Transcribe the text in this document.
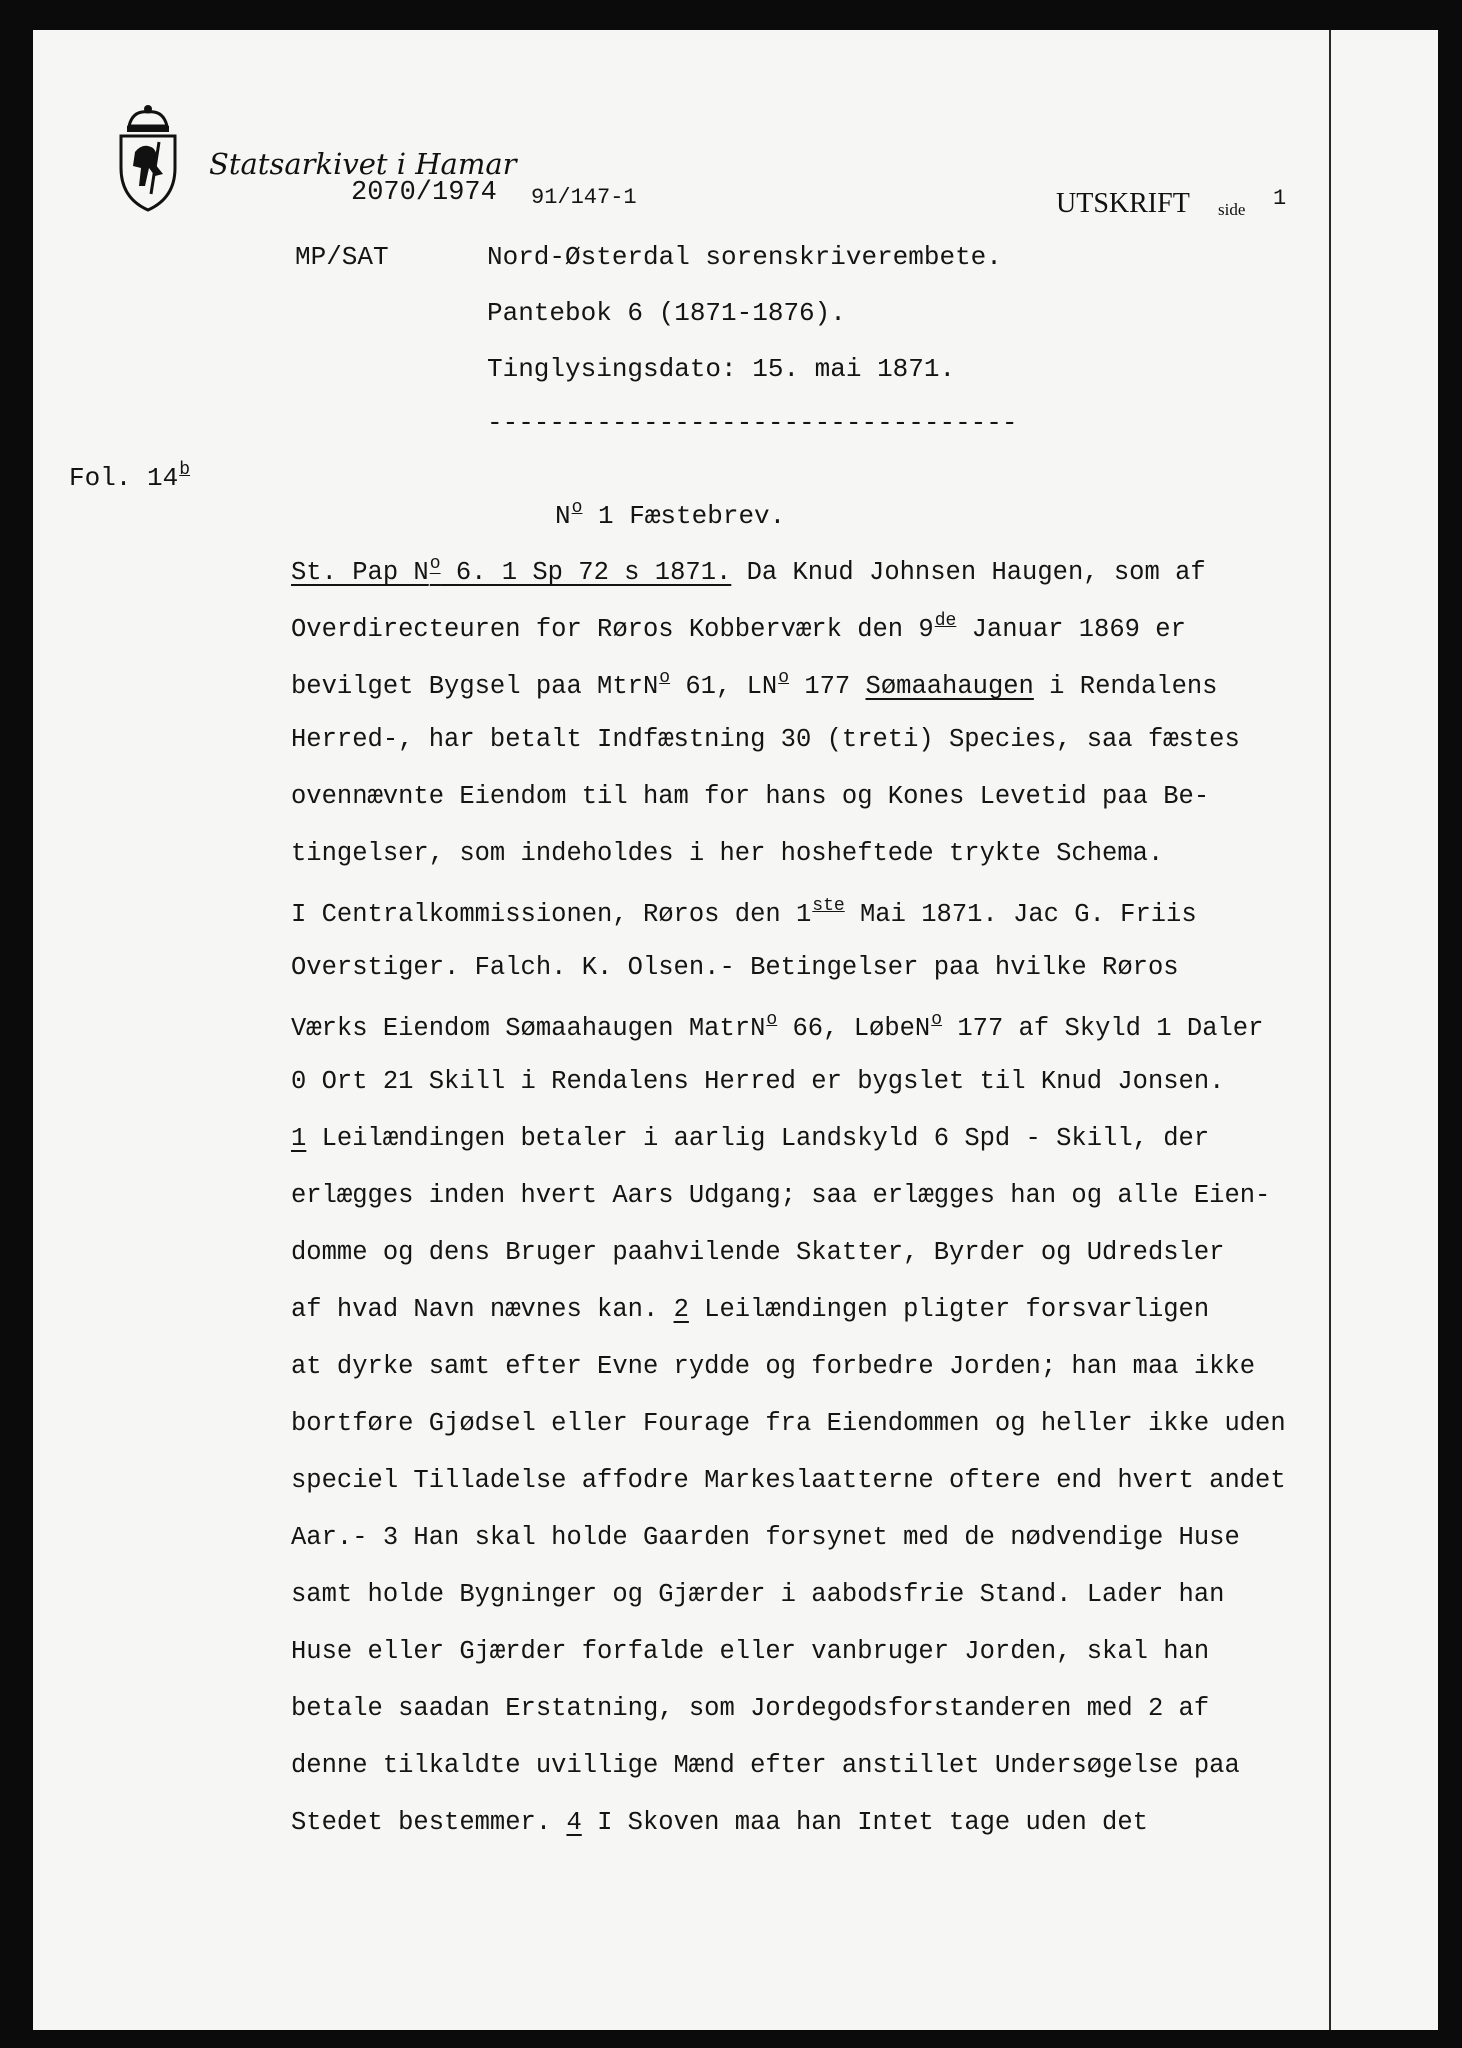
Statsarkivet i Hamar
2070/1974 91/147-1	UTSKRIFT side 1
MP/SAT	Nord-Østerdal sorenskriverembete.
Pantebok 6 (1871-1876).
Tinglysingsdato: 15. mai 1871.
----------------------------------
Fol. 14$^b$
$N^o$ 1 Fæstebrev.
St. Pap $N^o$ 6. 1 Sp 72 s 1871. Da Knud Johnsen Haugen, som af
Overdirecteuren for Røros Kobberværk den 9de Januar 1869 er
bevilget Bygsel paa MtrN$^o$ 61, $LN^o$ 177 Sømaahaugen i Rendalens
Herred-, har betalt Indfæstning 30 (treti) Species, saa fæstes
ovennævnte Eiendom til ham for hans og Kones Levetid paa Be-
tingelser, som indeholdes i her hosheftede trykte Schema.
I Centralkommissionen, Røros den 1ste Mai 1871. Jac G. Friis
Overstiger. Falch. K. Olsen.- Betingelser paa hvilke Røros
Værks Eiendom Sømaahaugen MatrN$^o$ 66, LøbeN$^o$ 177 af Skyld 1 Daler
0 Ort 21 Skill i Rendalens Herred er bygslet til Knud Jonsen.
1 Leilændingen betaler i aarlig Landskyld 6 Spd - Skill, der
erlægges inden hvert Aars Udgang; saa erlægges han og alle Eien-
domme og dens Bruger paahvilende Skatter, Byrder og Udredsler
af hvad Navn nævnes kan. 2 Leilændingen pligter forsvarligen
at dyrke samt efter Evne rydde og forbedre Jorden; han maa ikke
bortføre Gjødsel eller Fourage fra Eiendommen og heller ikke uden
speciel Tilladelse affodre Markeslaatterne oftere end hvert andet
Aar.- 3 Han skal holde Gaarden forsynet med de nødvendige Huse
samt holde Bygninger og Gjærder i aabodsfrie Stand. Lader han
Huse eller Gjærder forfalde eller vanbruger Jorden, skal han
betale saadan Erstatning, som Jordegodsforstanderen med 2 af
denne tilkaldte uvillige Mænd efter anstillet Undersøgelse paa
Stedet bestemmer. 4 I Skoven maa han Intet tage uden det
